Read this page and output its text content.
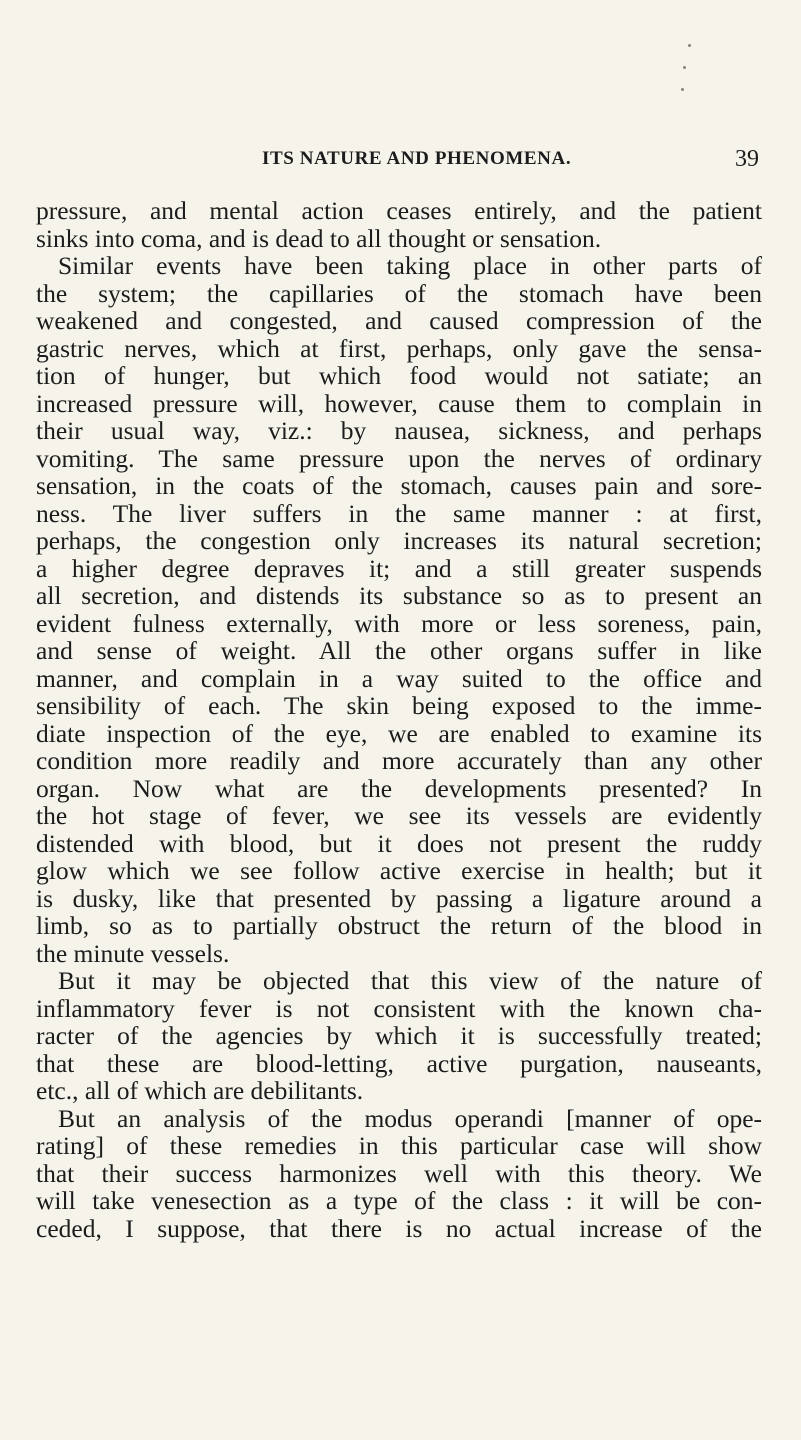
ITS NATURE AND PHENOMENA.	39
pressure, and mental action ceases entirely, and the patient
sinks into coma, and is dead to all thought or sensation.
Similar events have been taking place in other parts of
the system; the capillaries of the stomach have been
weakened and congested, and caused compression of the
gastric nerves, which at first, perhaps, only gave the sensa-
tion of hunger, but which food would not satiate; an
increased pressure will, however, cause them to complain in
their usual way, viz.: by nausea, sickness, and perhaps
vomiting. The same pressure upon the nerves of ordinary
sensation, in the coats of the stomach, causes pain and sore-
ness. The liver suffers in the same manner : at first,
perhaps, the congestion only increases its natural secretion;
a higher degree depraves it; and a still greater suspends
all secretion, and distends its substance so as to present an
evident fulness externally, with more or less soreness, pain,
and sense of weight. All the other organs suffer in like
manner, and complain in a way suited to the office and
sensibility of each. The skin being exposed to the imme-
diate inspection of the eye, we are enabled to examine its
condition more readily and more accurately than any other
organ. Now what are the developments presented? In
the hot stage of fever, we see its vessels are evidently
distended with blood, but it does not present the ruddy
glow which we see follow active exercise in health; but it
is dusky, like that presented by passing a ligature around a
limb, so as to partially obstruct the return of the blood in
the minute vessels.
But it may be objected that this view of the nature of
inflammatory fever is not consistent with the known cha-
racter of the agencies by which it is successfully treated;
that these are blood-letting, active purgation, nauseants,
etc., all of which are debilitants.
But an analysis of the modus operandi [manner of ope-
rating] of these remedies in this particular case will show
that their success harmonizes well with this theory. We
will take venesection as a type of the class : it will be con-
ceded, I suppose, that there is no actual increase of the
